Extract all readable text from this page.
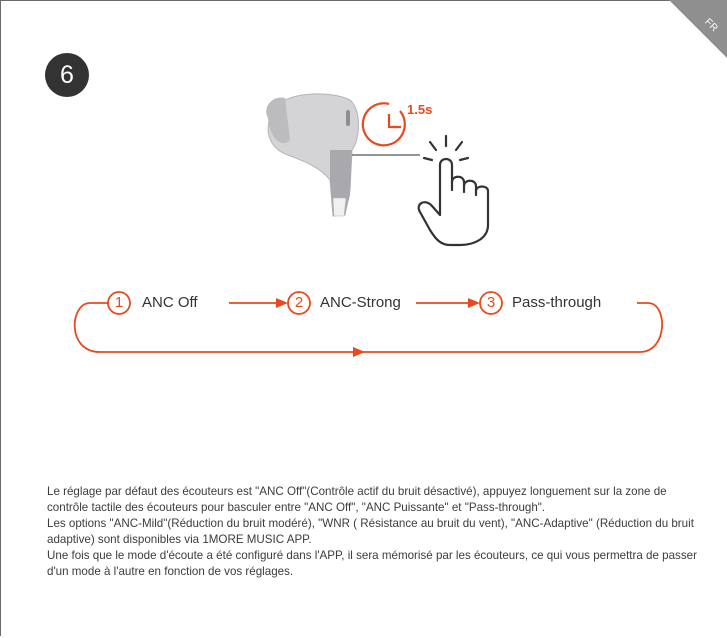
FR
6
1.5s
1	ANC Off	2	ANC-Strong	3	Pass-through

Le réglage par défaut des écouteurs est "ANC Off"(Contrôle actif du bruit désactivé), appuyez longuement sur la zone de contrôle tactile des écouteurs pour basculer entre "ANC Off", "ANC Puissante" et "Pass-through".

Les options "ANC-Mild"(Réduction du bruit modéré), "WNR ( Résistance au bruit du vent), "ANC-Adaptive" (Réduction du bruit adaptive) sont disponibles via 1MORE MUSIC APP.

Une fois que le mode d'écoute a été configuré dans l'APP, il sera mémorisé par les écouteurs, ce qui vous permettra de passer d'un mode à l'autre en fonction de vos réglages.
